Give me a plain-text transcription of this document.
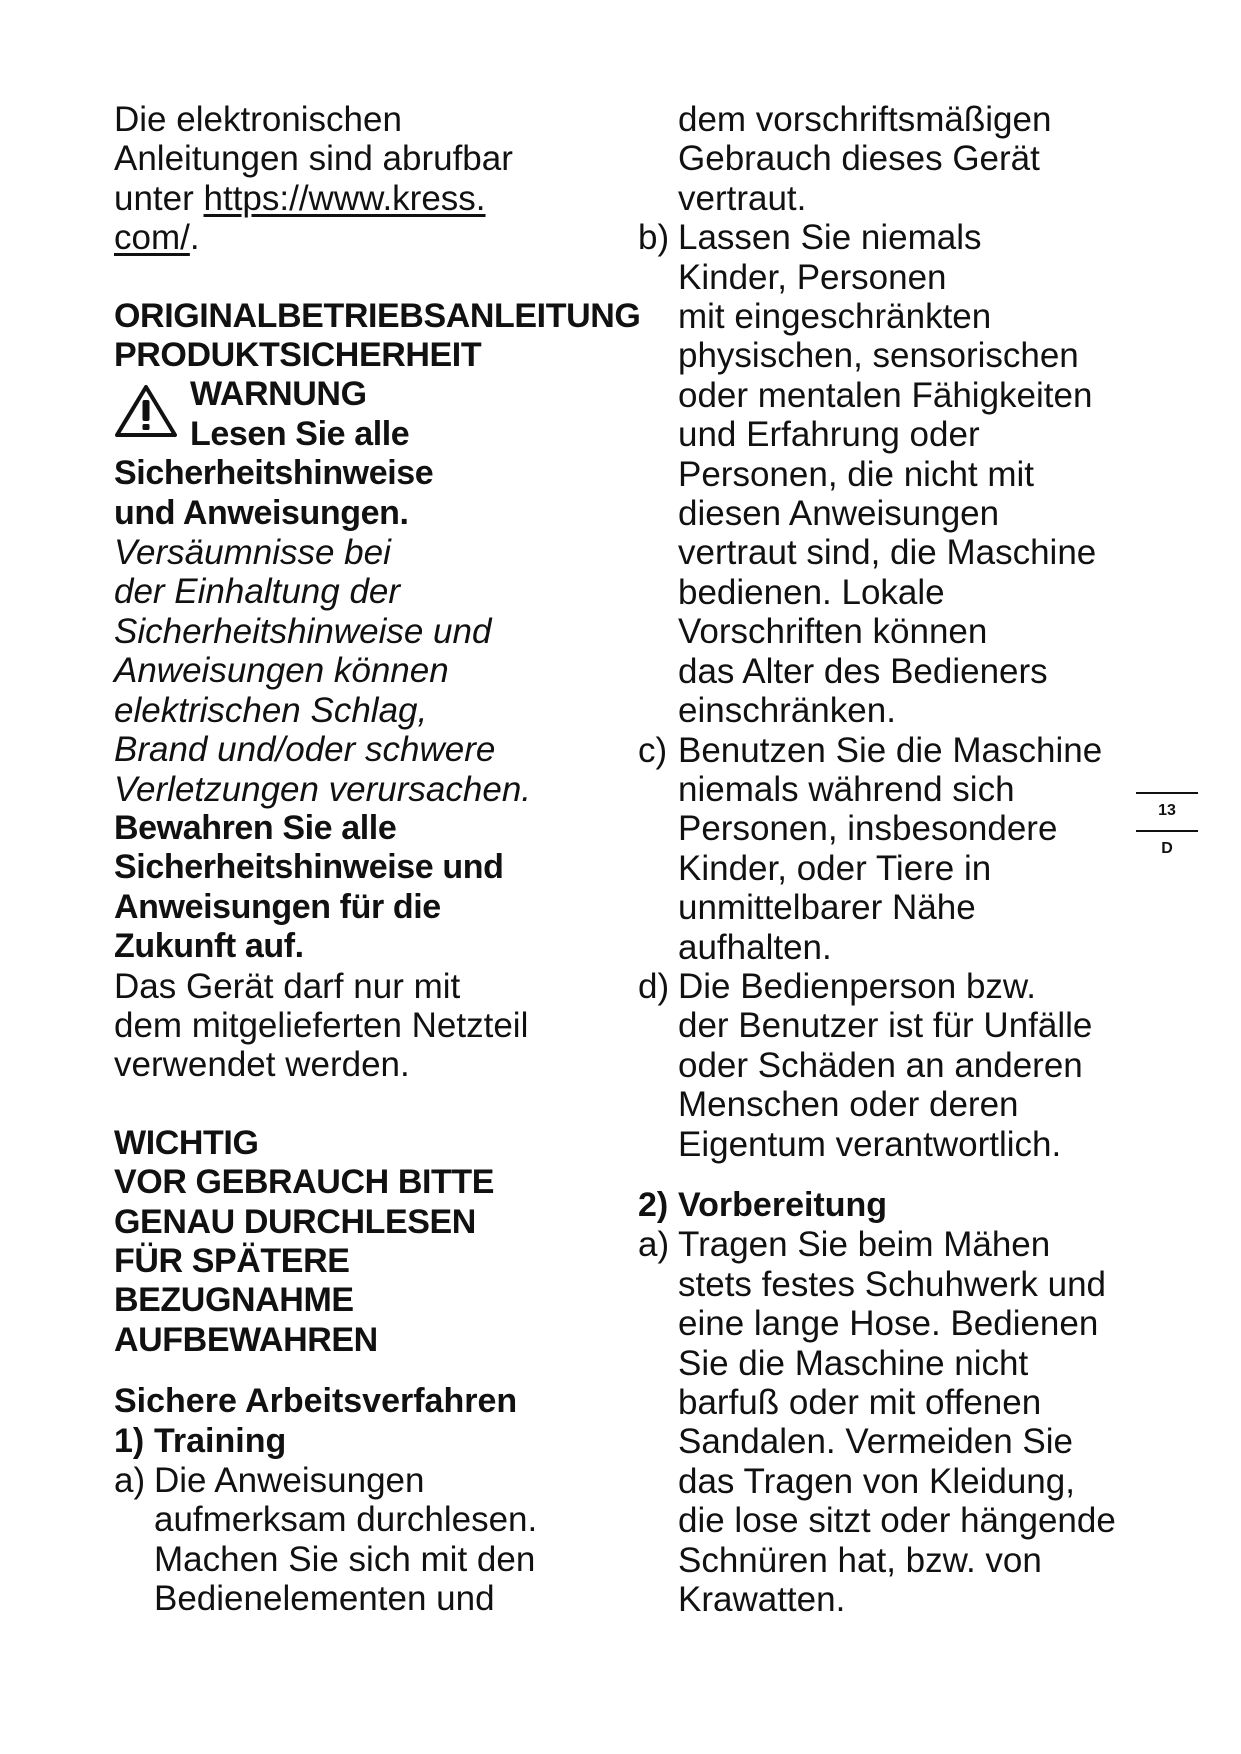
Die elektronischen

Anleitungen sind abrufbar

unter https://www.kress.

com/.

ORIGINALBETRIEBSANLEITUNG

PRODUKTSICHERHEIT

WARNUNG

Lesen Sie alle

Sicherheitshinweise

und Anweisungen.

Versäumnisse bei

der Einhaltung der

Sicherheitshinweise und

Anweisungen können

elektrischen Schlag,

Brand und/oder schwere

Verletzungen verursachen.

Bewahren Sie alle

Sicherheitshinweise und

Anweisungen für die

Zukunft auf.

Das Gerät darf nur mit

dem mitgelieferten Netzteil

verwendet werden.

WICHTIG

VOR GEBRAUCH BITTE

GENAU DURCHLESEN

FÜR SPÄTERE

BEZUGNAHME

AUFBEWAHREN

Sichere Arbeitsverfahren

1) Training

a) Die Anweisungen

aufmerksam durchlesen.

Machen Sie sich mit den

Bedienelementen und

dem vorschriftsmäßigen

Gebrauch dieses Gerät

vertraut.

b) Lassen Sie niemals

Kinder, Personen

mit eingeschränkten

physischen, sensorischen

oder mentalen Fähigkeiten

und Erfahrung oder

Personen, die nicht mit

diesen Anweisungen

vertraut sind, die Maschine

bedienen. Lokale

Vorschriften können

das Alter des Bedieners

einschränken.

c) Benutzen Sie die Maschine

niemals während sich

Personen, insbesondere

Kinder, oder Tiere in

unmittelbarer Nähe

aufhalten.

d) Die Bedienperson bzw.

der Benutzer ist für Unfälle

oder Schäden an anderen

Menschen oder deren

Eigentum verantwortlich.

2) Vorbereitung

a) Tragen Sie beim Mähen

stets festes Schuhwerk und

eine lange Hose. Bedienen

Sie die Maschine nicht

barfuß oder mit offenen

Sandalen. Vermeiden Sie

das Tragen von Kleidung,

die lose sitzt oder hängende

Schnüren hat, bzw. von

Krawatten.

13
D
